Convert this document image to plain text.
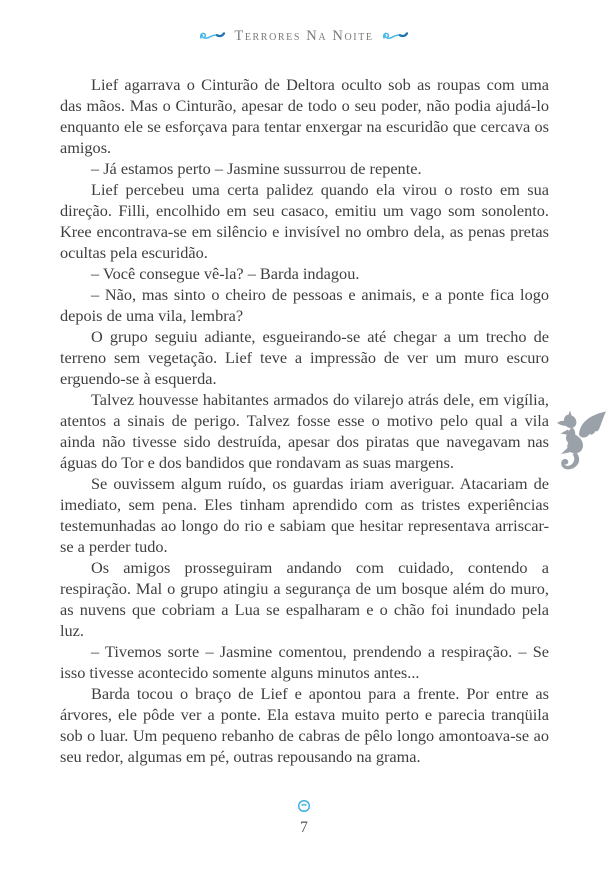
Terrores Na Noite

Lief agarrava o Cinturão de Deltora oculto sob as roupas com uma das mãos. Mas o Cinturão, apesar de todo o seu poder, não podia ajudá-lo enquanto ele se esforçava para tentar enxergar na escuridão que cercava os amigos.

– Já estamos perto – Jasmine sussurrou de repente.

Lief percebeu uma certa palidez quando ela virou o rosto em sua direção. Filli, encolhido em seu casaco, emitiu um vago som sonolento. Kree encontrava-se em silêncio e invisível no ombro dela, as penas pretas ocultas pela escuridão.

– Você consegue vê-la? – Barda indagou.

– Não, mas sinto o cheiro de pessoas e animais, e a ponte fica logo depois de uma vila, lembra?

O grupo seguiu adiante, esgueirando-se até chegar a um trecho de terreno sem vegetação. Lief teve a impressão de ver um muro escuro erguendo-se à esquerda.

Talvez houvesse habitantes armados do vilarejo atrás dele, em vigília, atentos a sinais de perigo. Talvez fosse esse o motivo pelo qual a vila ainda não tivesse sido destruída, apesar dos piratas que navegavam nas águas do Tor e dos bandidos que rondavam as suas margens.

Se ouvissem algum ruído, os guardas iriam averiguar. Atacariam de imediato, sem pena. Eles tinham aprendido com as tristes experiências testemunhadas ao longo do rio e sabiam que hesitar representava arriscar-se a perder tudo.

Os amigos prosseguiram andando com cuidado, contendo a respiração. Mal o grupo atingiu a segurança de um bosque além do muro, as nuvens que cobriam a Lua se espalharam e o chão foi inundado pela luz.

– Tivemos sorte – Jasmine comentou, prendendo a respiração. – Se isso tivesse acontecido somente alguns minutos antes...

Barda tocou o braço de Lief e apontou para a frente. Por entre as árvores, ele pôde ver a ponte. Ela estava muito perto e parecia tranqüila sob o luar. Um pequeno rebanho de cabras de pêlo longo amontoava-se ao seu redor, algumas em pé, outras repousando na grama.

7
